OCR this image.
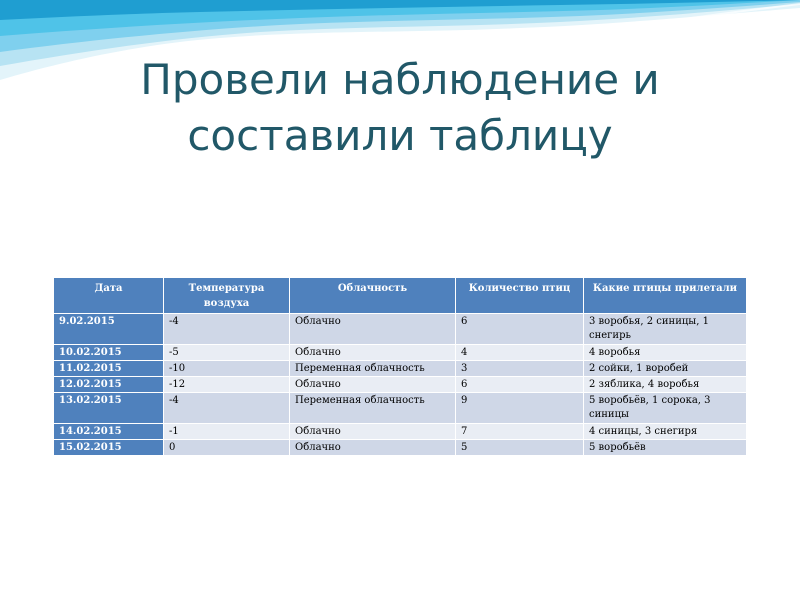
Провели наблюдение и
составили таблицу
Дата	Температура воздуха	Облачность	Количество птиц	Какие птицы прилетали
9.02.2015	-4	Облачно	6	3 воробья, 2 синицы, 1 снегирь
10.02.2015	-5	Облачно	4	4 воробья
11.02.2015	-10	Переменная облачность	3	2 сойки, 1 воробей
12.02.2015	-12	Облачно	6	2 зяблика, 4 воробья
13.02.2015	-4	Переменная облачность	9	5 воробьёв, 1 сорока, 3 синицы
14.02.2015	-1	Облачно	7	4 синицы, 3 снегиря
15.02.2015	0	Облачно	5	5 воробьёв
